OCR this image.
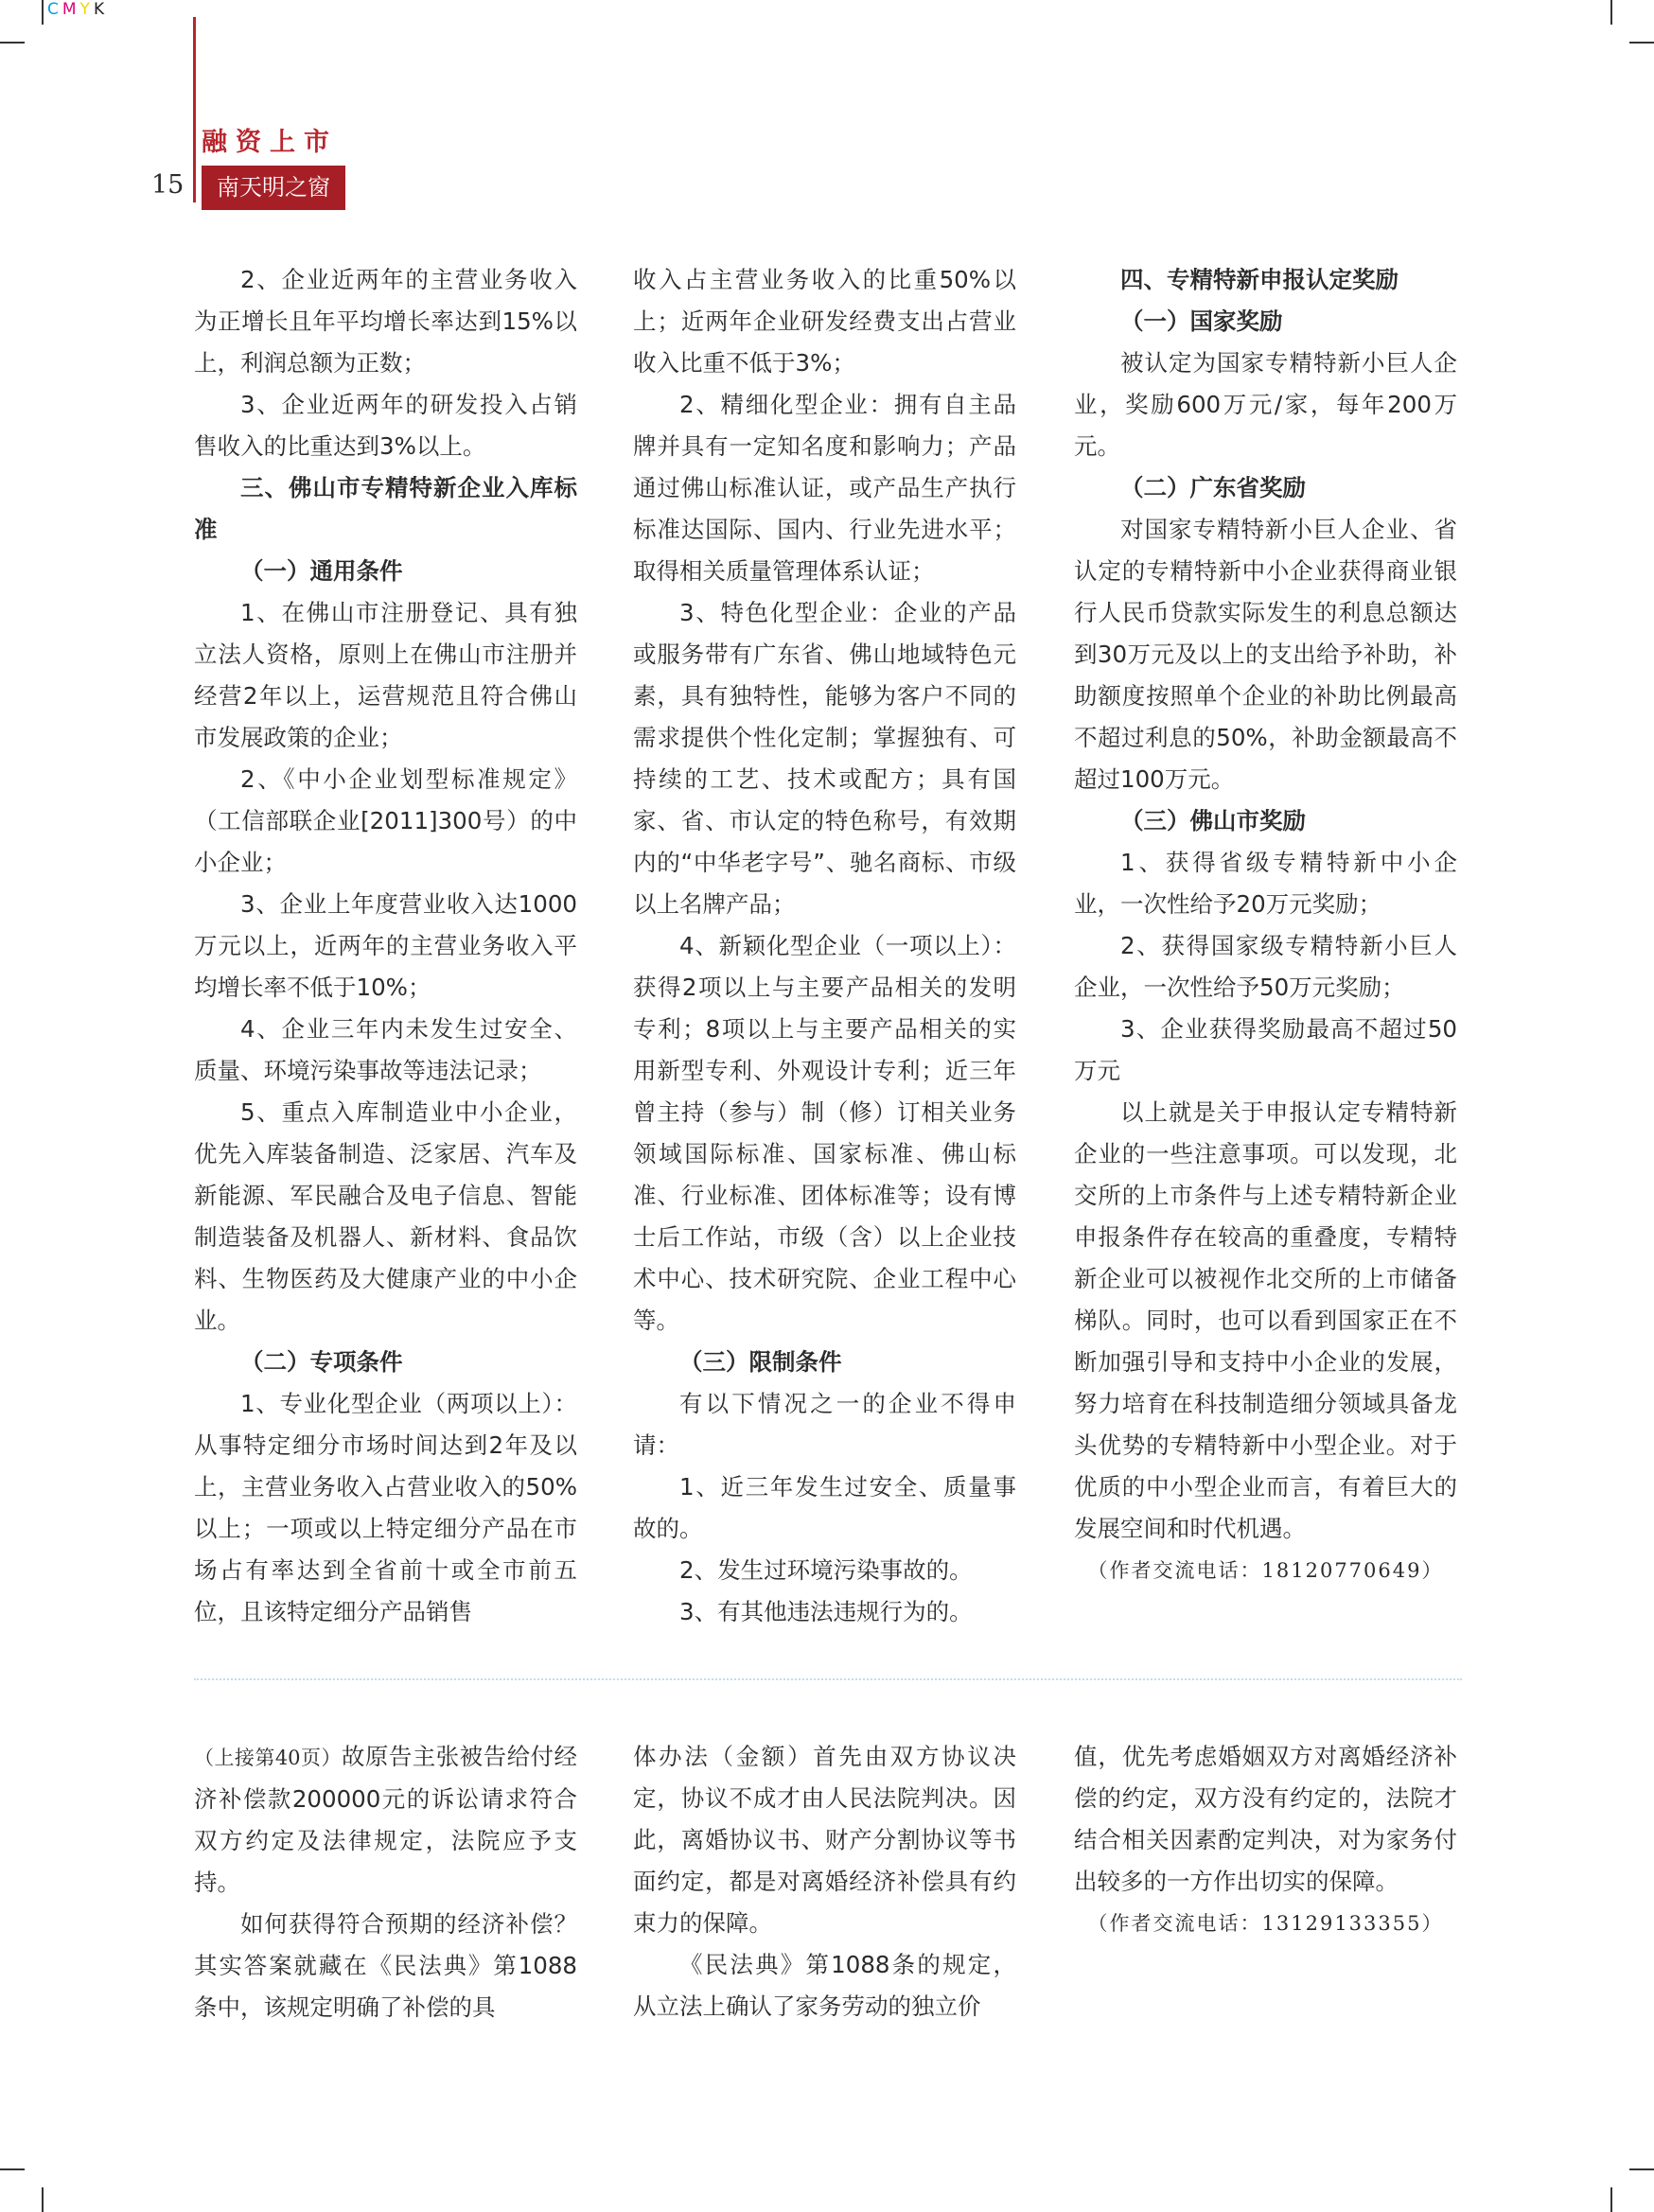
CMYK
融资上市
15	南天明之窗

2、企业近两年的主营业务收入为正增长且年平均增长率达到15%以上，利润总额为正数；

3、企业近两年的研发投入占销售收入的比重达到3%以上。

三、佛山市专精特新企业入库标准

（一）通用条件

1、在佛山市注册登记、具有独立法人资格，原则上在佛山市注册并经营2年以上，运营规范且符合佛山市发展政策的企业；

2、《中小企业划型标准规定》（工信部联企业[2011]300号）的中小企业；

3、企业上年度营业收入达1000万元以上，近两年的主营业务收入平均增长率不低于10%；

4、企业三年内未发生过安全、质量、环境污染事故等违法记录；

5、重点入库制造业中小企业，优先入库装备制造、泛家居、汽车及新能源、军民融合及电子信息、智能制造装备及机器人、新材料、食品饮料、生物医药及大健康产业的中小企业。

（二）专项条件

1、专业化型企业（两项以上）：从事特定细分市场时间达到2年及以上，主营业务收入占营业收入的50%以上；一项或以上特定细分产品在市场占有率达到全省前十或全市前五位，且该特定细分产品销售

收入占主营业务收入的比重50%以上；近两年企业研发经费支出占营业收入比重不低于3%；

2、精细化型企业：拥有自主品牌并具有一定知名度和影响力；产品通过佛山标准认证，或产品生产执行标准达国际、国内、行业先进水平；取得相关质量管理体系认证；

3、特色化型企业：企业的产品或服务带有广东省、佛山地域特色元素，具有独特性，能够为客户不同的需求提供个性化定制；掌握独有、可持续的工艺、技术或配方；具有国家、省、市认定的特色称号，有效期内的“中华老字号”、驰名商标、市级以上名牌产品；

4、新颖化型企业（一项以上）：获得2项以上与主要产品相关的发明专利；8项以上与主要产品相关的实用新型专利、外观设计专利；近三年曾主持（参与）制（修）订相关业务领域国际标准、国家标准、佛山标准、行业标准、团体标准等；设有博士后工作站，市级（含）以上企业技术中心、技术研究院、企业工程中心等。

（三）限制条件

有以下情况之一的企业不得申请：

1、近三年发生过安全、质量事故的。

2、发生过环境污染事故的。

3、有其他违法违规行为的。

四、专精特新申报认定奖励

（一）国家奖励

被认定为国家专精特新小巨人企业，奖励600万元/家，每年200万元。

（二）广东省奖励

对国家专精特新小巨人企业、省认定的专精特新中小企业获得商业银行人民币贷款实际发生的利息总额达到30万元及以上的支出给予补助，补助额度按照单个企业的补助比例最高不超过利息的50%，补助金额最高不超过100万元。

（三）佛山市奖励

1、获得省级专精特新中小企业，一次性给予20万元奖励；

2、获得国家级专精特新小巨人企业，一次性给予50万元奖励；

3、企业获得奖励最高不超过50万元

以上就是关于申报认定专精特新企业的一些注意事项。可以发现，北交所的上市条件与上述专精特新企业申报条件存在较高的重叠度，专精特新企业可以被视作北交所的上市储备梯队。同时，也可以看到国家正在不断加强引导和支持中小企业的发展，努力培育在科技制造细分领域具备龙头优势的专精特新中小型企业。对于优质的中小型企业而言，有着巨大的发展空间和时代机遇。

（作者交流电话：18120770649）

（上接第40页）故原告主张被告给付经济补偿款200000元的诉讼请求符合双方约定及法律规定，法院应予支持。

如何获得符合预期的经济补偿？其实答案就藏在《民法典》第1088条中，该规定明确了补偿的具

体办法（金额）首先由双方协议决定，协议不成才由人民法院判决。因此，离婚协议书、财产分割协议等书面约定，都是对离婚经济补偿具有约束力的保障。

《民法典》第1088条的规定，从立法上确认了家务劳动的独立价

值，优先考虑婚姻双方对离婚经济补偿的约定，双方没有约定的，法院才结合相关因素酌定判决，对为家务付出较多的一方作出切实的保障。

（作者交流电话：13129133355）
